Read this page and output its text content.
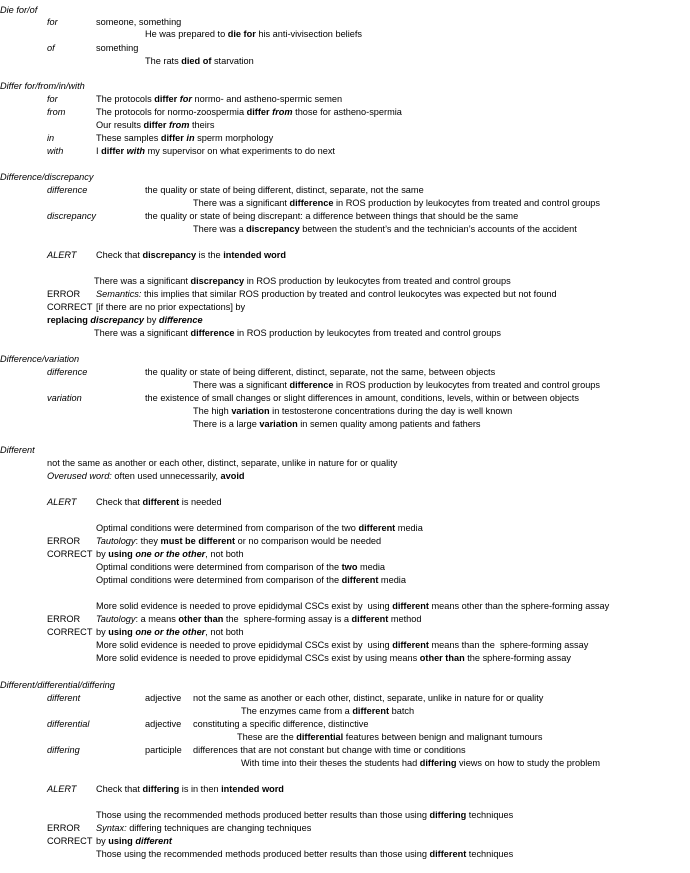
Die for/of
for	someone, something
He was prepared to die for his anti-vivisection beliefs
of	something
The rats died of starvation
Differ for/from/in/with
for	The protocols differ for normo- and astheno-spermic semen
from	The protocols for normo-zoospermia differ from those for astheno-spermia
Our results differ from theirs
in	These samples differ in sperm morphology
with	I differ with my supervisor on what experiments to do next
Difference/discrepancy
difference	the quality or state of being different, distinct, separate, not the same
There was a significant difference in ROS production by leukocytes from treated and control groups
discrepancy	the quality or state of being discrepant: a difference between things that should be the same
There was a discrepancy between the student’s and the technician’s accounts of the accident
ALERT Check that discrepancy is the intended word
There was a significant discrepancy in ROS production by leukocytes from treated and control groups
ERROR Semantics: this implies that similar ROS production by treated and control leukocytes was expected but not found
CORRECT [if there are no prior expectations] by
replacing discrepancy by difference
There was a significant difference in ROS production by leukocytes from treated and control groups
Difference/variation
difference	the quality or state of being different, distinct, separate, not the same, between objects
There was a significant difference in ROS production by leukocytes from treated and control groups
variation	the existence of small changes or slight differences in amount, conditions, levels, within or between objects
The high variation in testosterone concentrations during the day is well known
There is a large variation in semen quality among patients and fathers
Different
not the same as another or each other, distinct, separate, unlike in nature for or quality
Overused word: often used unnecessarily, avoid
ALERT Check that different is needed
Optimal conditions were determined from comparison of the two different media
ERROR Tautology: they must be different or no comparison would be needed
CORRECT by using one or the other, not both
Optimal conditions were determined from comparison of the two media
Optimal conditions were determined from comparison of the different media
More solid evidence is needed to prove epididymal CSCs exist by  using different means other than the sphere-forming assay
ERROR Tautology: a means other than the  sphere-forming assay is a different method
CORRECT by using one or the other, not both
More solid evidence is needed to prove epididymal CSCs exist by  using different means than the  sphere-forming assay
More solid evidence is needed to prove epididymal CSCs exist by using means other than the sphere-forming assay
Different/differential/differing
different	adjective not the same as another or each other, distinct, separate, unlike in nature for or quality
The enzymes came from a different batch
differential	adjective constituting a specific difference, distinctive
These are the differential features between benign and malignant tumours
differing	participle differences that are not constant but change with time or conditions
With time into their theses the students had differing views on how to study the problem
ALERT Check that differing is in then intended word
Those using the recommended methods produced better results than those using differing techniques
ERROR Syntax: differing techniques are changing techniques
CORRECT by using different
Those using the recommended methods produced better results than those using different techniques
